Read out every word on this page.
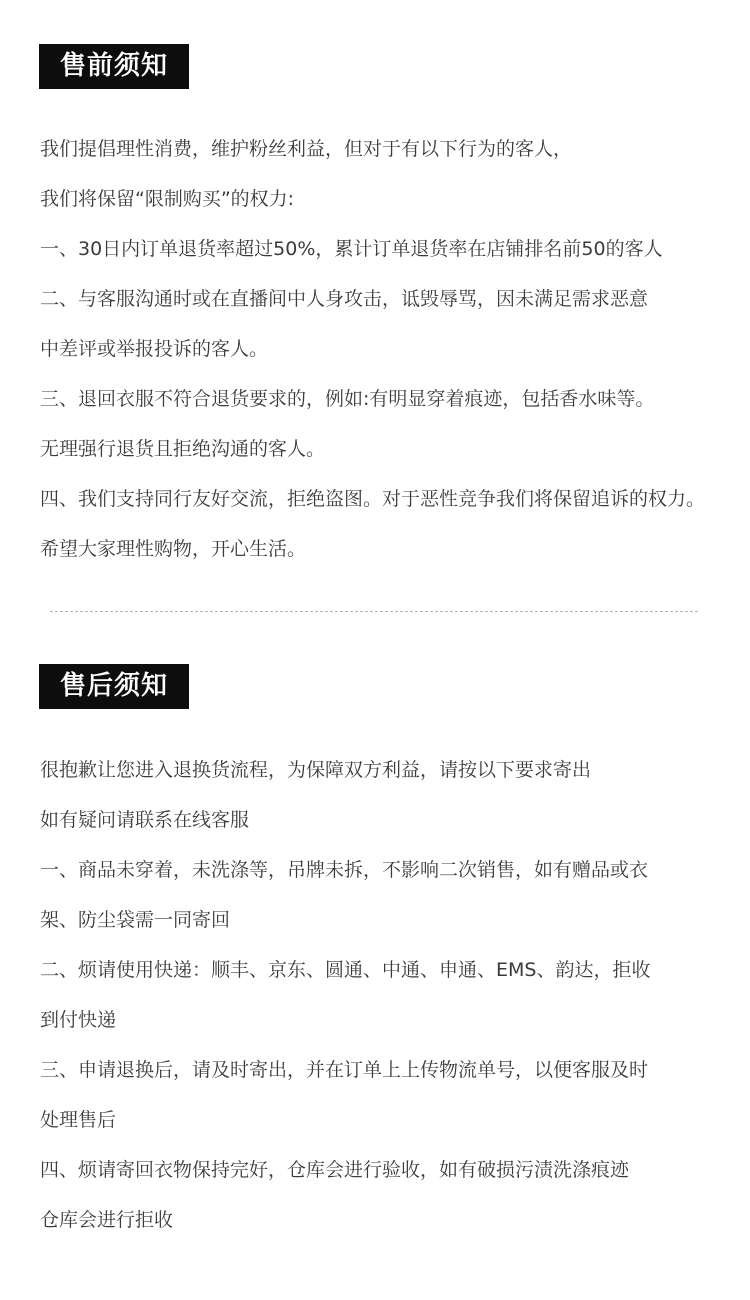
售前须知
我们提倡理性消费，维护粉丝利益，但对于有以下行为的客人，
我们将保留“限制购买”的权力:
一、30日内订单退货率超过50%，累计订单退货率在店铺排名前50的客人
二、与客服沟通时或在直播间中人身攻击，诋毁辱骂，因未满足需求恶意
中差评或举报投诉的客人。
三、退回衣服不符合退货要求的，例如:有明显穿着痕迹，包括香水味等。
无理强行退货且拒绝沟通的客人。
四、我们支持同行友好交流，拒绝盗图。对于恶性竞争我们将保留追诉的权力。
希望大家理性购物，开心生活。
售后须知
很抱歉让您进入退换货流程，为保障双方利益，请按以下要求寄出
如有疑问请联系在线客服
一、商品未穿着，未洗涤等，吊牌未拆，不影响二次销售，如有赠品或衣
架、防尘袋需一同寄回
二、烦请使用快递：顺丰、京东、圆通、中通、申通、EMS、韵达，拒收
到付快递
三、申请退换后，请及时寄出，并在订单上上传物流单号，以便客服及时
处理售后
四、烦请寄回衣物保持完好，仓库会进行验收，如有破损污渍洗涤痕迹
仓库会进行拒收
